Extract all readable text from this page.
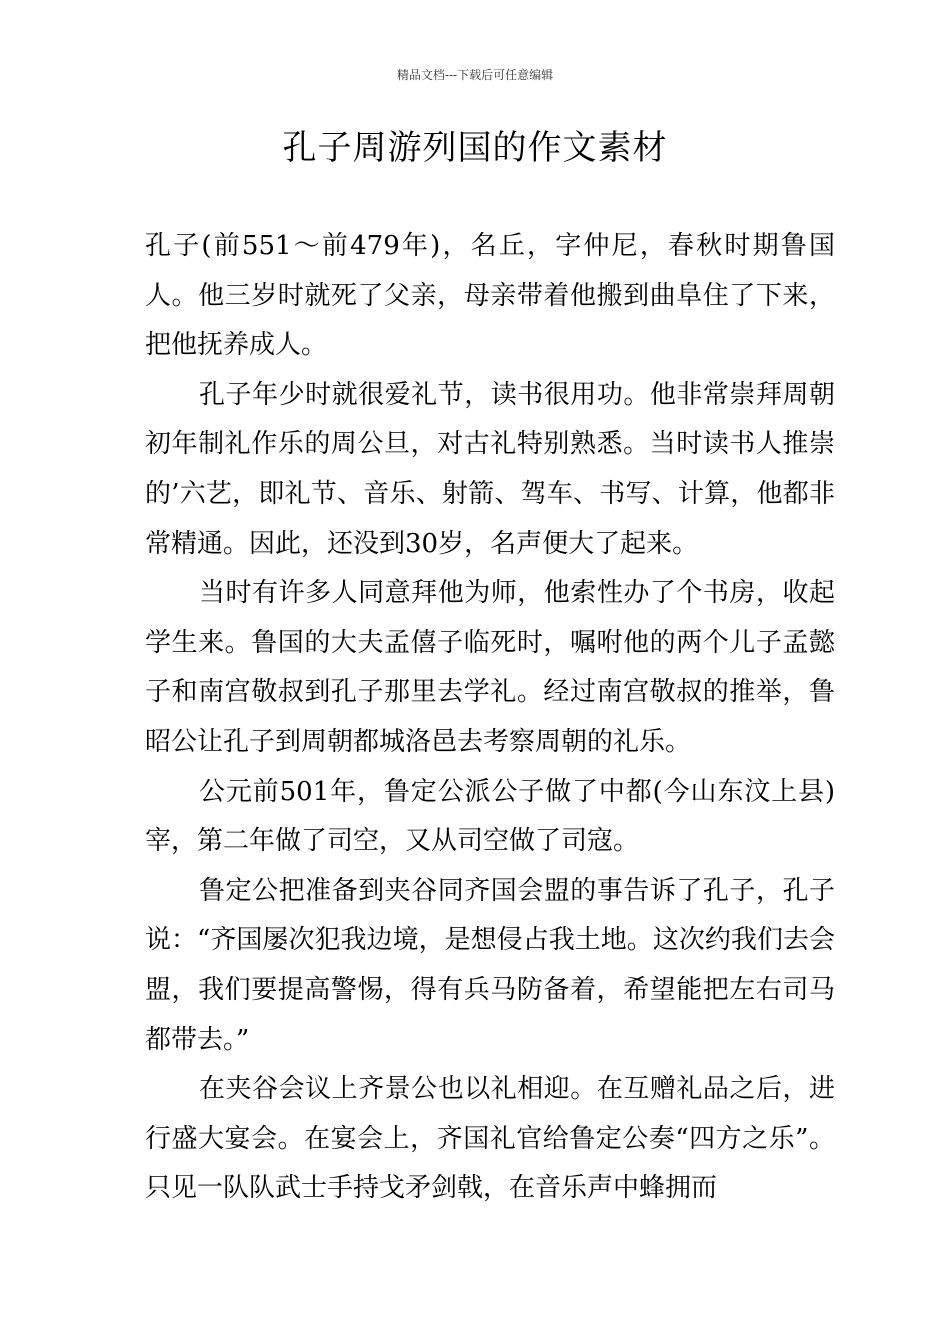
精品文档---下载后可任意编辑
孔子周游列国的作文素材

孔子(前551～前479年)，名丘，字仲尼，春秋时期鲁国人。他三岁时就死了父亲，母亲带着他搬到曲阜住了下来，把他抚养成人。

孔子年少时就很爱礼节，读书很用功。他非常崇拜周朝初年制礼作乐的周公旦，对古礼特别熟悉。当时读书人推崇的’六艺，即礼节、音乐、射箭、驾车、书写、计算，他都非常精通。因此，还没到30岁，名声便大了起来。

当时有许多人同意拜他为师，他索性办了个书房，收起学生来。鲁国的大夫孟僖子临死时，嘱咐他的两个儿子孟懿子和南宫敬叔到孔子那里去学礼。经过南宫敬叔的推举，鲁昭公让孔子到周朝都城洛邑去考察周朝的礼乐。

公元前501年，鲁定公派公子做了中都(今山东汶上县)宰，第二年做了司空，又从司空做了司寇。

鲁定公把准备到夹谷同齐国会盟的事告诉了孔子，孔子说：“齐国屡次犯我边境，是想侵占我土地。这次约我们去会盟，我们要提高警惕，得有兵马防备着，希望能把左右司马都带去。”

在夹谷会议上齐景公也以礼相迎。在互赠礼品之后，进行盛大宴会。在宴会上，齐国礼官给鲁定公奏“四方之乐”。只见一队队武士手持戈矛剑戟，在音乐声中蜂拥而
